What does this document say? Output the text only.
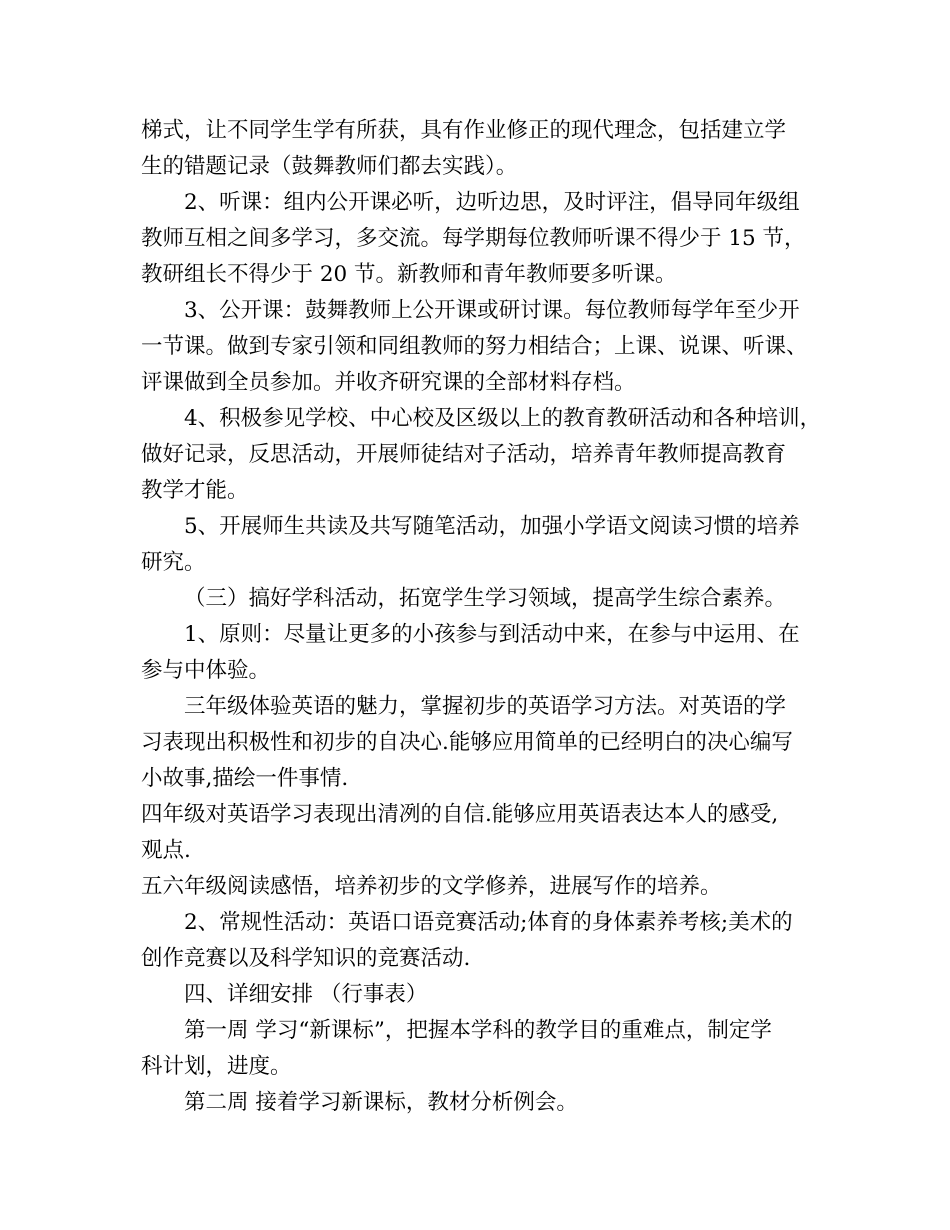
梯式，让不同学生学有所获，具有作业修正的现代理念，包括建立学
生的错题记录（鼓舞教师们都去实践）。
2、听课：组内公开课必听，边听边思，及时评注，倡导同年级组
教师互相之间多学习，多交流。每学期每位教师听课不得少于 15 节，
教研组长不得少于 20 节。新教师和青年教师要多听课。
3、公开课：鼓舞教师上公开课或研讨课。每位教师每学年至少开
一节课。做到专家引领和同组教师的努力相结合；上课、说课、听课、
评课做到全员参加。并收齐研究课的全部材料存档。
4、积极参见学校、中心校及区级以上的教育教研活动和各种培训，
做好记录，反思活动，开展师徒结对子活动，培养青年教师提高教育
教学才能。
5、开展师生共读及共写随笔活动，加强小学语文阅读习惯的培养
研究。
（三）搞好学科活动，拓宽学生学习领域，提高学生综合素养。
1、原则：尽量让更多的小孩参与到活动中来，在参与中运用、在
参与中体验。
三年级体验英语的魅力，掌握初步的英语学习方法。对英语的学
习表现出积极性和初步的自决心.能够应用简单的已经明白的决心编写
小故事,描绘一件事情.
四年级对英语学习表现出清冽的自信.能够应用英语表达本人的感受,
观点.
五六年级阅读感悟，培养初步的文学修养，进展写作的培养。
2、常规性活动：英语口语竞赛活动;体育的身体素养考核;美术的
创作竞赛以及科学知识的竞赛活动.
四、详细安排 （行事表）
第一周 学习“新课标”，把握本学科的教学目的重难点，制定学
科计划，进度。
第二周 接着学习新课标，教材分析例会。
